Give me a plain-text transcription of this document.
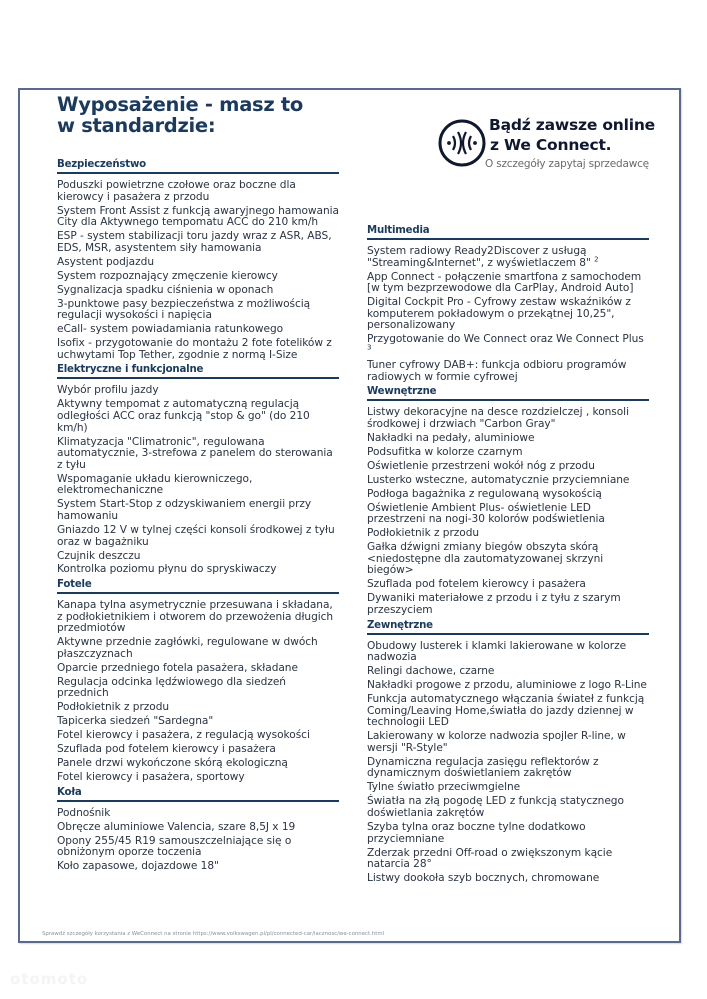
Wyposażenie - masz to
w standardzie:	Bądź zawsze online
z We Connect.
O szczegóły zapytaj sprzedawcę
Bezpieczeństwo
Poduszki powietrzne czołowe oraz boczne dla kierowcy i pasażera z przodu
System Front Assist z funkcją awaryjnego hamowania City dla Aktywnego tempomatu ACC do 210 km/h
ESP - system stabilizacji toru jazdy wraz z ASR, ABS, EDS, MSR, asystentem siły hamowania
Asystent podjazdu
System rozpoznający zmęczenie kierowcy
Sygnalizacja spadku ciśnienia w oponach
3-punktowe pasy bezpieczeństwa z możliwością regulacji wysokości i napięcia
eCall- system powiadamiania ratunkowego
Isofix - przygotowanie do montażu 2 fote fotelików z uchwytami Top Tether, zgodnie z normą I-Size
Elektryczne i funkcjonalne
Wybór profilu jazdy
Aktywny tempomat z automatyczną regulacją odległości ACC oraz funkcją "stop & go" (do 210 km/h)
Klimatyzacja "Climatronic", regulowana automatycznie, 3-strefowa z panelem do sterowania z tyłu
Wspomaganie układu kierowniczego, elektromechaniczne
System Start-Stop z odzyskiwaniem energii przy hamowaniu
Gniazdo 12 V w tylnej części konsoli środkowej z tyłu oraz w bagażniku
Czujnik deszczu
Kontrolka poziomu płynu do spryskiwaczy
Fotele
Kanapa tylna asymetrycznie przesuwana i składana, z podłokietnikiem i otworem do przewożenia długich przedmiotów
Aktywne przednie zagłówki, regulowane w dwóch płaszczyznach
Oparcie przedniego fotela pasażera, składane
Regulacja odcinka lędźwiowego dla siedzeń przednich
Podłokietnik z przodu
Tapicerka siedzeń "Sardegna"
Fotel kierowcy i pasażera, z regulacją wysokości
Szuflada pod fotelem kierowcy i pasażera
Panele drzwi wykończone skórą ekologiczną
Fotel kierowcy i pasażera, sportowy
Koła
Podnośnik
Obręcze aluminiowe Valencia, szare 8,5J x 19
Opony 255/45 R19 samouszczelniające się o obniżonym oporze toczenia
Koło zapasowe, dojazdowe 18"
Multimedia
System radiowy Ready2Discover z usługą "Streaming&Internet", z wyświetlaczem 8" $^2$
App Connect - połączenie smartfona z samochodem [w tym bezprzewodowe dla CarPlay, Android Auto]
Digital Cockpit Pro - Cyfrowy zestaw wskaźników z komputerem pokładowym o przekątnej 10,25", personalizowany
Przygotowanie do We Connect oraz We Connect Plus $^3$
Tuner cyfrowy DAB+: funkcja odbioru programów radiowych w formie cyfrowej
Wewnętrzne
Listwy dekoracyjne na desce rozdzielczej , konsoli środkowej i drzwiach "Carbon Gray"
Nakładki na pedały, aluminiowe
Podsufitka w kolorze czarnym
Oświetlenie przestrzeni wokół nóg z przodu
Lusterko wsteczne, automatycznie przyciemniane
Podłoga bagażnika z regulowaną wysokością
Oświetlenie Ambient Plus- oświetlenie LED przestrzeni na nogi-30 kolorów podświetlenia
Podłokietnik z przodu
Gałka dźwigni zmiany biegów obszyta skórą <niedostępne dla zautomatyzowanej skrzyni biegów>
Szuflada pod fotelem kierowcy i pasażera
Dywaniki materiałowe z przodu i z tyłu z szarym przeszyciem
Zewnętrzne
Obudowy lusterek i klamki lakierowane w kolorze nadwozia
Relingi dachowe, czarne
Nakładki progowe z przodu, aluminiowe z logo R-Line
Funkcja automatycznego włączania świateł z funkcją Coming/Leaving Home,światła do jazdy dziennej w technologii LED
Lakierowany w kolorze nadwozia spojler R-line, w wersji "R-Style"
Dynamiczna regulacja zasięgu reflektorów z dynamicznym doświetlaniem zakrętów
Tylne światło przeciwmgielne
Światła na złą pogodę LED z funkcją statycznego doświetlania zakrętów
Szyba tylna oraz boczne tylne dodatkowo przyciemniane
Zderzak przedni Off-road o zwiększonym kącie natarcia 28°
Listwy dookoła szyb bocznych, chromowane
Sprawdź szczegóły korzystania z WeConnect na stronie https://www.volkswagen.pl/pl/connected-car/lacznosc/we-connect.html
otomoto
